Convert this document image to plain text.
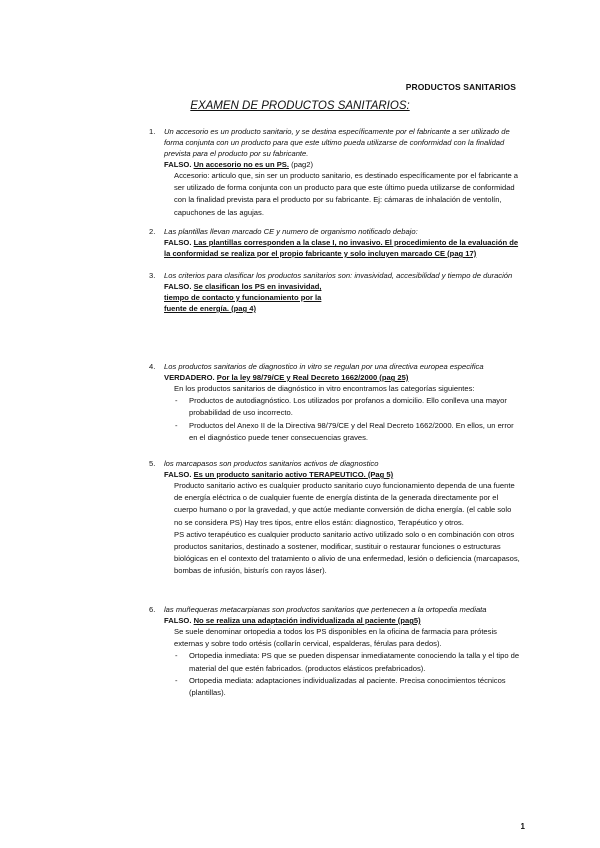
PRODUCTOS SANITARIOS
EXAMEN DE PRODUCTOS SANITARIOS:
1. Un accesorio es un producto sanitario, y se destina específicamente por el fabricante a ser utilizado de forma conjunta con un producto para que este ultimo pueda utilizarse de conformidad con la finalidad prevista para el producto por su fabricante.
FALSO. Un accesorio no es un PS. (pag2)
Accesorio: articulo que, sin ser un producto sanitario, es destinado específicamente por el fabricante a ser utilizado de forma conjunta con un producto para que este último pueda utilizarse de conformidad con la finalidad prevista para el producto por su fabricante. Ej: cámaras de inhalación de ventolín, capuchones de las agujas.
2. Las plantillas llevan marcado CE y numero de organismo notificado debajo:
FALSO. Las plantillas corresponden a la clase I, no invasivo. El procedimiento de la evaluación de la conformidad se realiza por el propio fabricante y solo incluyen marcado CE (pag 17)
3. Los criterios para clasificar los productos sanitarios son: invasividad, accesibilidad y tiempo de duración
FALSO. Se clasifican los PS en invasividad,
tiempo de contacto y funcionamiento por la
fuente de energía. (pag 4)
4. Los productos sanitarios de diagnostico in vitro se regulan por una directiva europea especifica
VERDADERO. Por la ley 98/79/CE y Real Decreto 1662/2000 (pag 25)
En los productos sanitarios de diagnóstico in vitro encontramos las categorías siguientes:
- Productos de autodiagnóstico. Los utilizados por profanos a domicilio. Ello conlleva una mayor probabilidad de uso incorrecto.
- Productos del Anexo II de la Directiva 98/79/CE y del Real Decreto 1662/2000. En ellos, un error en el diagnóstico puede tener consecuencias graves.
5. los marcapasos son productos sanitarios activos de diagnostico
FALSO. Es un producto sanitario activo TERAPEUTICO. (Pag 5)
Producto sanitario activo es cualquier producto sanitario cuyo funcionamiento dependa de una fuente de energía eléctrica o de cualquier fuente de energía distinta de la generada directamente por el cuerpo humano o por la gravedad, y que actúe mediante conversión de dicha energía. (el cable solo no se considera PS) Hay tres tipos, entre ellos están: diagnostico, Terapéutico y otros.
PS activo terapéutico es cualquier producto sanitario activo utilizado solo o en combinación con otros productos sanitarios, destinado a sostener, modificar, sustituir o restaurar funciones o estructuras biológicas en el contexto del tratamiento o alivio de una enfermedad, lesión o deficiencia (marcapasos, bombas de infusión, bisturís con rayos láser).
6. las muñequeras metacarpianas son productos sanitarios que pertenecen a la ortopedia mediata
FALSO. No se realiza una adaptación individualizada al paciente (pag5)
Se suele denominar ortopedia a todos los PS disponibles en la oficina de farmacia para prótesis externas y sobre todo ortésis (collarín cervical, espalderas, férulas para dedos).
- Ortopedia inmediata: PS que se pueden dispensar inmediatamente conociendo la talla y el tipo de material del que estén fabricados. (productos elásticos prefabricados).
- Ortopedia mediata: adaptaciones individualizadas al paciente. Precisa conocimientos técnicos (plantillas).
1
